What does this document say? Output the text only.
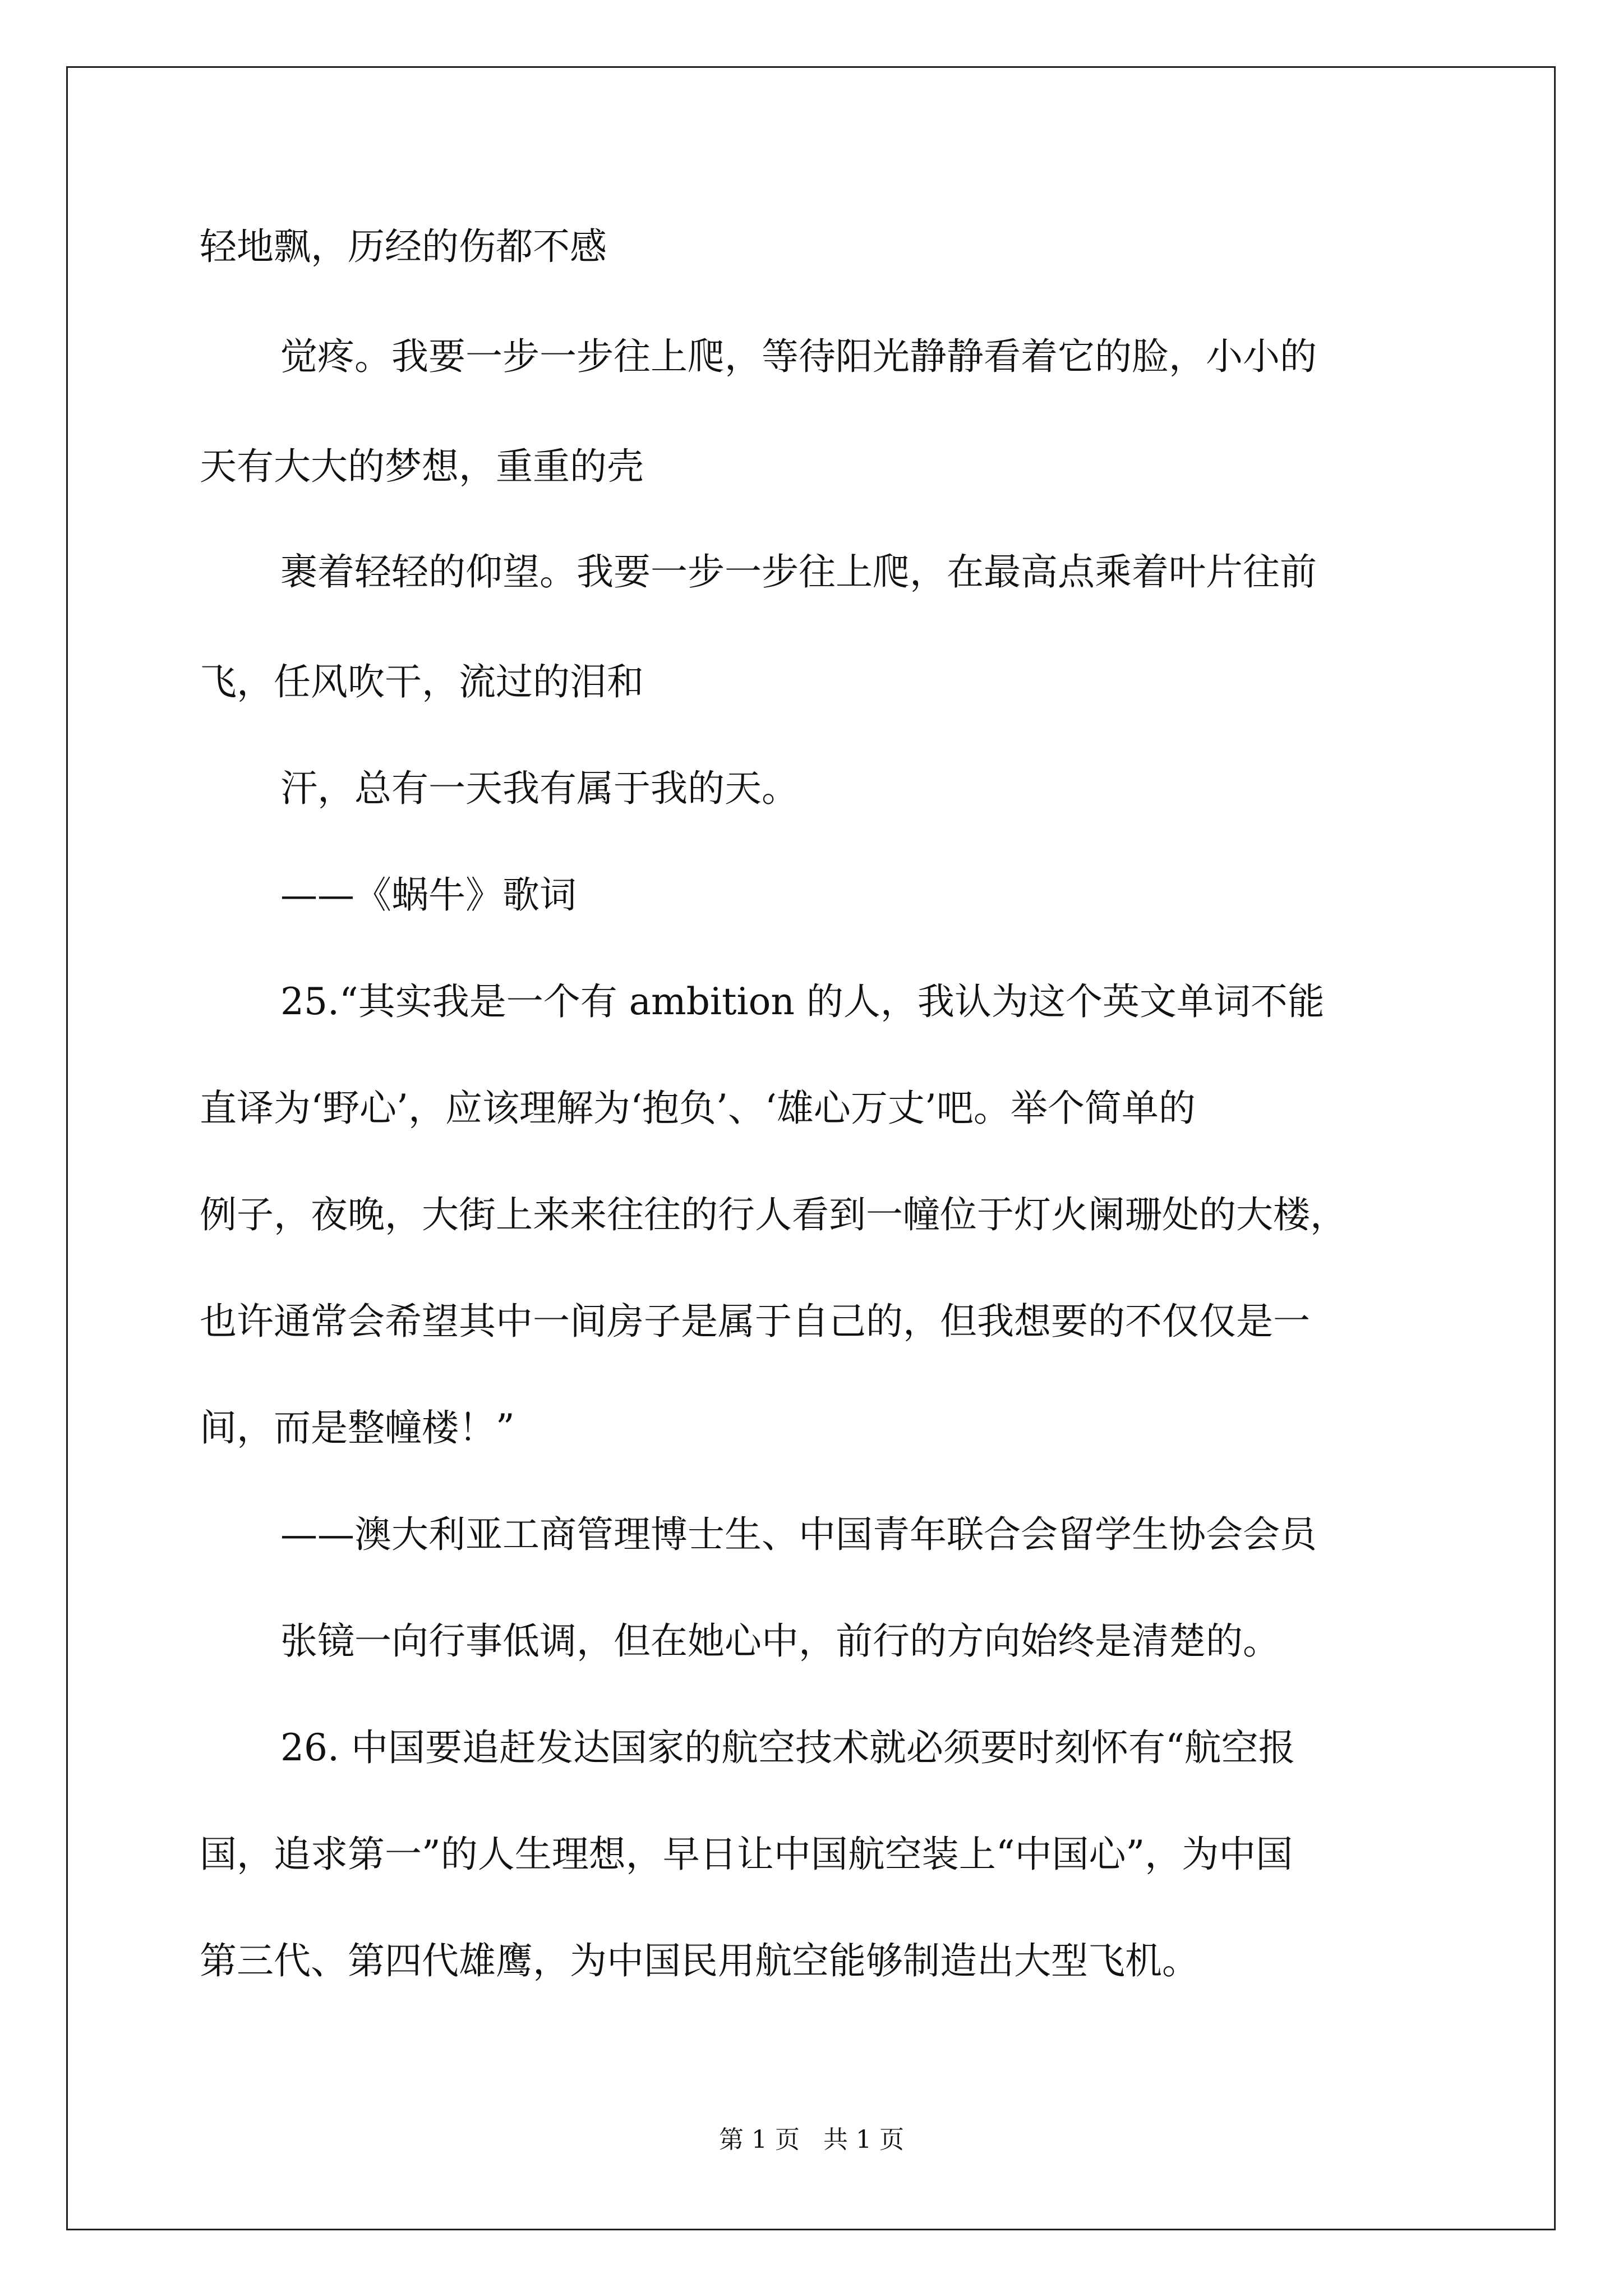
轻地飘，历经的伤都不感
觉疼。我要一步一步往上爬，等待阳光静静看着它的脸，小小的
天有大大的梦想，重重的壳
裹着轻轻的仰望。我要一步一步往上爬，在最高点乘着叶片往前
飞，任风吹干，流过的泪和
汗，总有一天我有属于我的天。
——《蜗牛》歌词
25.“其实我是一个有 ambition 的人，我认为这个英文单词不能
直译为‘野心’，应该理解为‘抱负’、‘雄心万丈’吧。举个简单的
例子，夜晚，大街上来来往往的行人看到一幢位于灯火阑珊处的大楼，
也许通常会希望其中一间房子是属于自己的，但我想要的不仅仅是一
间，而是整幢楼！”
——澳大利亚工商管理博士生、中国青年联合会留学生协会会员
张镜一向行事低调，但在她心中，前行的方向始终是清楚的。
26. 中国要追赶发达国家的航空技术就必须要时刻怀有“航空报
国，追求第一”的人生理想，早日让中国航空装上“中国心”，为中国
第三代、第四代雄鹰，为中国民用航空能够制造出大型飞机。
第 1 页   共 1 页
